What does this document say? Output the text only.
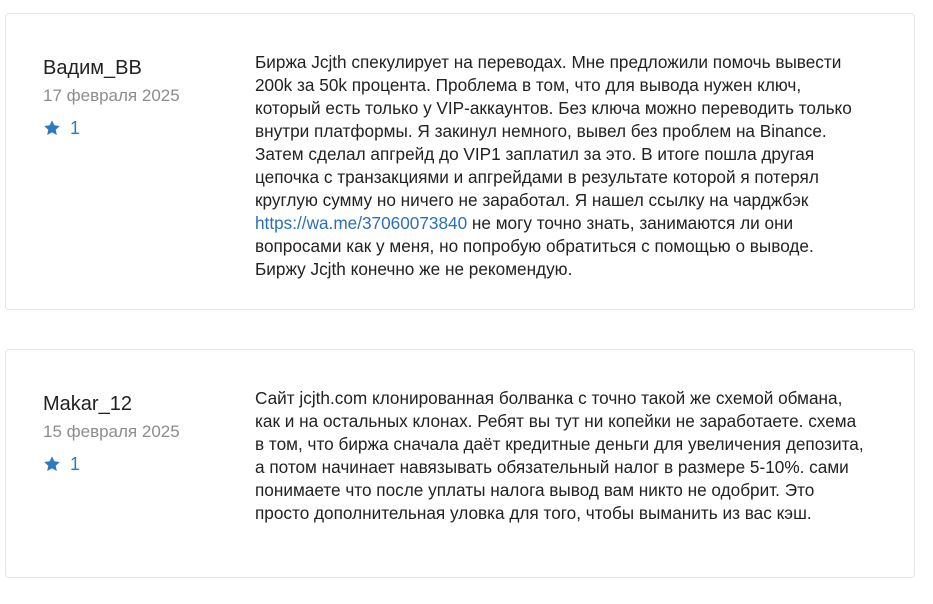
Вадим_BB
17 февраля 2025
1
Биржа Jcjth спекулирует на переводах. Мне предложили помочь вывести 200k за 50k процента. Проблема в том, что для вывода нужен ключ, который есть только у VIP-аккаунтов. Без ключа можно переводить только внутри платформы. Я закинул немного, вывел без проблем на Binance. Затем сделал апгрейд до VIP1 заплатил за это. В итоге пошла другая цепочка с транзакциями и апгрейдами в результате которой я потерял круглую сумму но ничего не заработал. Я нашел ссылку на чарджбэк https://wa.me/37060073840 не могу точно знать, занимаются ли они вопросами как у меня, но попробую обратиться с помощью о выводе. Биржу Jcjth конечно же не рекомендую.
Makar_12
15 февраля 2025
1
Сайт jcjth.com клонированная болванка с точно такой же схемой обмана, как и на остальных клонах. Ребят вы тут ни копейки не заработаете. схема в том, что биржа сначала даёт кредитные деньги для увеличения депозита, а потом начинает навязывать обязательный налог в размере 5-10%. сами понимаете что после уплаты налога вывод вам никто не одобрит. Это просто дополнительная уловка для того, чтобы выманить из вас кэш.
